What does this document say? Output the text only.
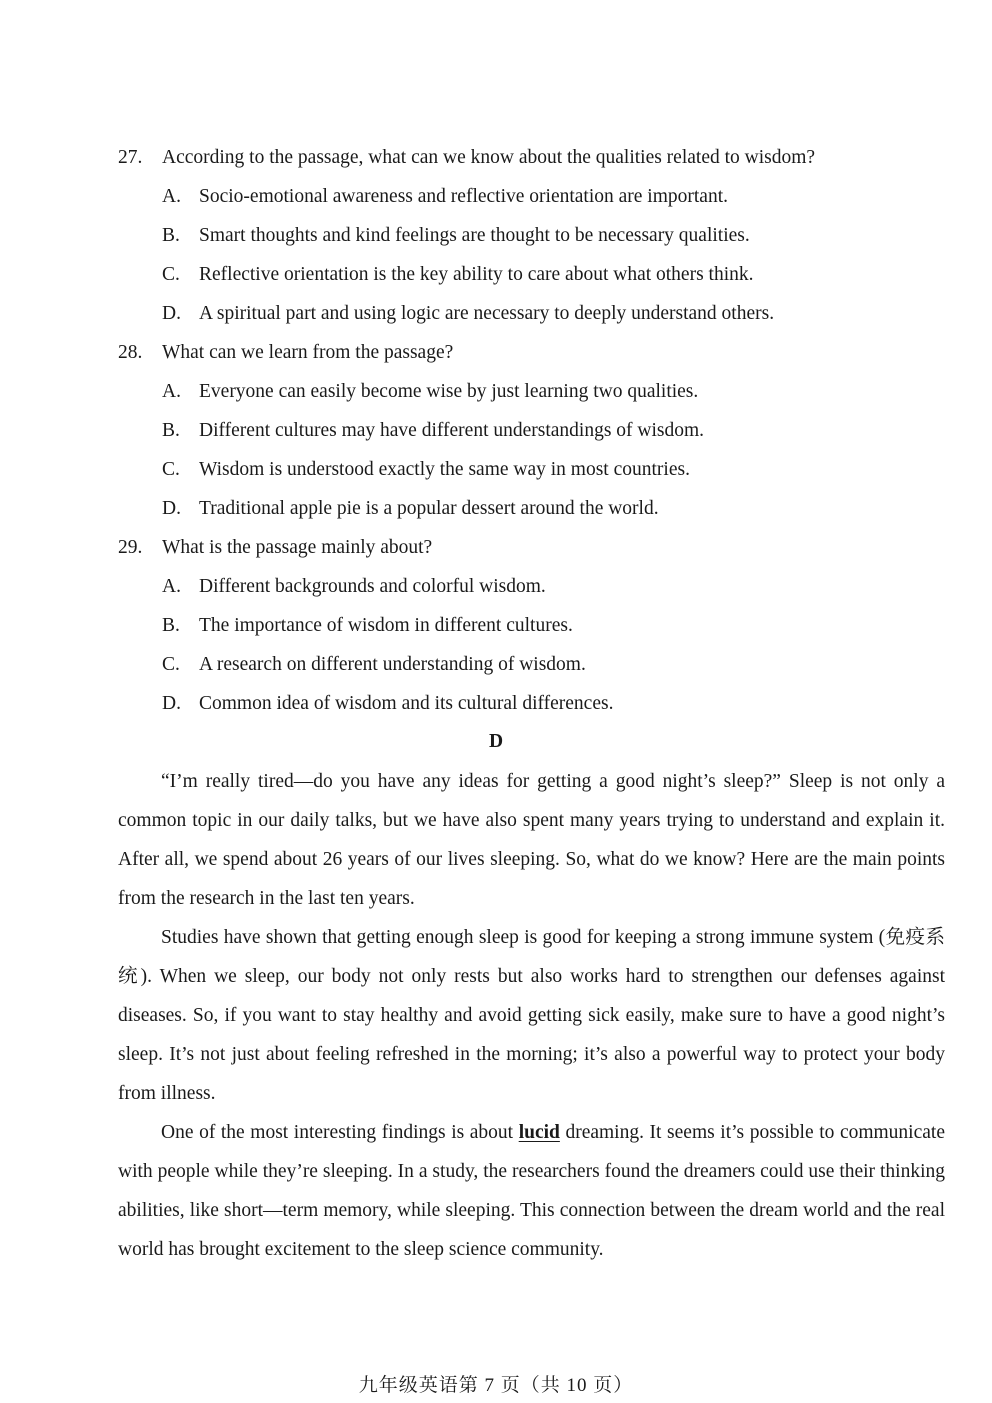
27. According to the passage, what can we know about the qualities related to wisdom?
A. Socio-emotional awareness and reflective orientation are important.
B. Smart thoughts and kind feelings are thought to be necessary qualities.
C. Reflective orientation is the key ability to care about what others think.
D. A spiritual part and using logic are necessary to deeply understand others.
28. What can we learn from the passage?
A. Everyone can easily become wise by just learning two qualities.
B. Different cultures may have different understandings of wisdom.
C. Wisdom is understood exactly the same way in most countries.
D. Traditional apple pie is a popular dessert around the world.
29. What is the passage mainly about?
A. Different backgrounds and colorful wisdom.
B. The importance of wisdom in different cultures.
C. A research on different understanding of wisdom.
D. Common idea of wisdom and its cultural differences.
D
“I’m really tired—do you have any ideas for getting a good night’s sleep?” Sleep is not only a common topic in our daily talks, but we have also spent many years trying to understand and explain it. After all, we spend about 26 years of our lives sleeping. So, what do we know? Here are the main points from the research in the last ten years.
Studies have shown that getting enough sleep is good for keeping a strong immune system (免疫系统). When we sleep, our body not only rests but also works hard to strengthen our defenses against diseases. So, if you want to stay healthy and avoid getting sick easily, make sure to have a good night’s sleep. It’s not just about feeling refreshed in the morning; it’s also a powerful way to protect your body from illness.
One of the most interesting findings is about lucid dreaming. It seems it’s possible to communicate with people while they’re sleeping. In a study, the researchers found the dreamers could use their thinking abilities, like short—term memory, while sleeping. This connection between the dream world and the real world has brought excitement to the sleep science community.
九年级英语第 7 页（共 10 页）
